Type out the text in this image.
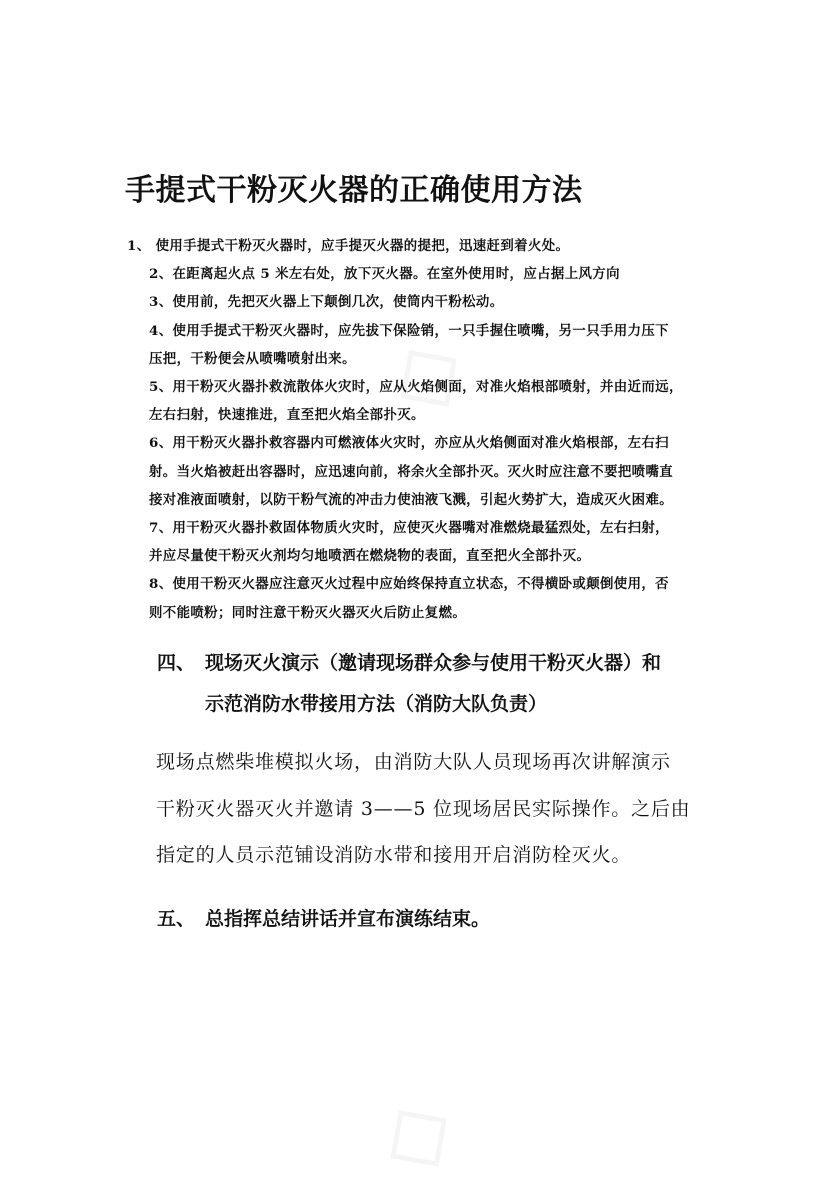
◇
◇
手提式干粉灭火器的正确使用方法

1、 使用手提式干粉灭火器时，应手提灭火器的提把，迅速赶到着火处。

2、在距离起火点 5 米左右处，放下灭火器。在室外使用时，应占据上风方向

3、使用前，先把灭火器上下颠倒几次，使筒内干粉松动。

4、使用手提式干粉灭火器时，应先拔下保险销，一只手握住喷嘴，另一只手用力压下
压把，干粉便会从喷嘴喷射出来。

5、用干粉灭火器扑救流散体火灾时，应从火焰侧面，对准火焰根部喷射，并由近而远，
左右扫射，快速推进，直至把火焰全部扑灭。

6、用干粉灭火器扑救容器内可燃液体火灾时，亦应从火焰侧面对准火焰根部，左右扫
射。当火焰被赶出容器时，应迅速向前，将余火全部扑灭。灭火时应注意不要把喷嘴直
接对准液面喷射，以防干粉气流的冲击力使油液飞溅，引起火势扩大，造成灭火困难。

7、用干粉灭火器扑救固体物质火灾时，应使灭火器嘴对准燃烧最猛烈处，左右扫射，
并应尽量使干粉灭火剂均匀地喷洒在燃烧物的表面，直至把火全部扑灭。

8、使用干粉灭火器应注意灭火过程中应始终保持直立状态，不得横卧或颠倒使用，否
则不能喷粉；同时注意干粉灭火器灭火后防止复燃。

四、 现场灭火演示（邀请现场群众参与使用干粉灭火器）和
示范消防水带接用方法（消防大队负责）
现场点燃柴堆模拟火场，由消防大队人员现场再次讲解演示
干粉灭火器灭火并邀请 3——5 位现场居民实际操作。之后由
指定的人员示范铺设消防水带和接用开启消防栓灭火。
五、 总指挥总结讲话并宣布演练结束。
